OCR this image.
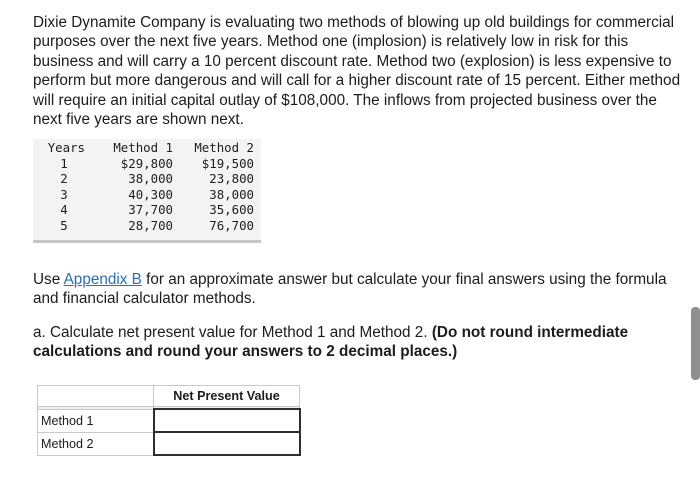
Dixie Dynamite Company is evaluating two methods of blowing up old buildings for commercial purposes over the next five years. Method one (implosion) is relatively low in risk for this business and will carry a 10 percent discount rate. Method two (explosion) is less expensive to perform but more dangerous and will call for a higher discount rate of 15 percent. Either method will require an initial capital outlay of $108,000. The inflows from projected business over the next five years are shown next.

Years	Method 1	Method 2
1	$29,800	$19,500
2	38,000	23,800
3	40,300	38,000
4	37,700	35,600
5	28,700	76,700

Use Appendix B for an approximate answer but calculate your final answers using the formula and financial calculator methods.

a. Calculate net present value for Method 1 and Method 2. (Do not round intermediate calculations and round your answers to 2 decimal places.)

	Net Present Value

Method 1	
Method 2	
